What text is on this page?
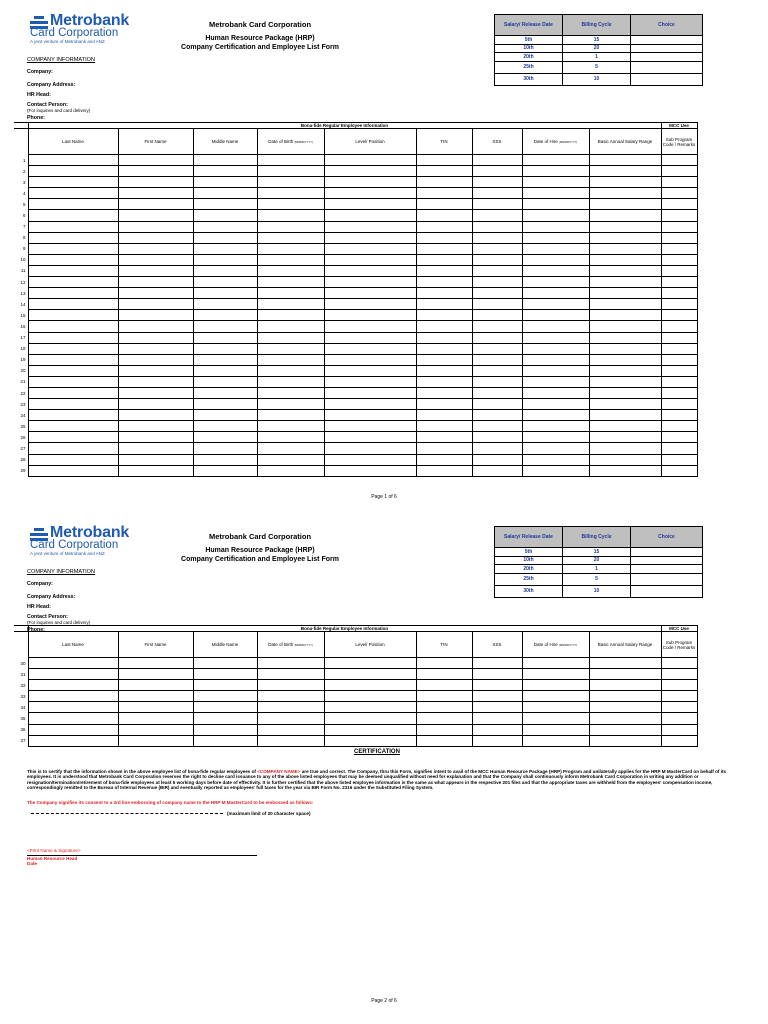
Metrobank
Card Corporation
A joint venture of Metrobank and ANZ
Metrobank Card Corporation
Human Resource Package (HRP)
Company Certification and Employee List Form
Salary/ Release Date	Billing Cycle	Choice
5th	15	
10th	20	
20th	1	
25th	5	
30th	10	
COMPANY INFORMATION
Company:
Company Address:
HR Head:
Contact Person:
(For inquiries and card delivery)
Phone:
	Bona-fide Regular Employee Information									MCC Use
	Last Name	First Name	Middle Name	Date of Birth (MM/DD/YYYY)	Level/ Position	TIN	SSS	Date of Hire (MM/DD/YYYY)	Basic Annual Salary Range	Sub Program Code / Remarks
1										
2										
3										
4										
5										
6										
7										
8										
9										
10										
11										
12										
13										
14										
15										
16										
17										
18										
19										
20										
21										
22										
23										
24										
25										
26										
27										
28										
29										
Page 1 of 6
Metrobank
Card Corporation
A joint venture of Metrobank and ANZ
Metrobank Card Corporation
Human Resource Package (HRP)
Company Certification and Employee List Form
Salary/ Release Date	Billing Cycle	Choice
5th	15	
10th	20	
20th	1	
25th	5	
30th	10	
COMPANY INFORMATION
Company:
Company Address:
HR Head:
Contact Person:
(For inquiries and card delivery)
Phone:
		Bona-fide Regular Employee Information									MCC Use
	Last Name	First Name	Middle Name	Date of Birth (MM/DD/YYYY)	Level/ Position	TIN	SSS	Date of Hire (MM/DD/YYYY)	Basic Annual Salary Range	Sub Program Code / Remarks
30										
31										
32										
33										
34										
35										
36										
37										
CERTIFICATION
This is to certify that the information shown in the above employee list of bona-fide regular employees of <COMPANY NAME> are true and correct. The Company, thru this Form, signifies intent to avail of the MCC Human Resource Package (HRP) Program and unilaterally applies for the HRP M MasterCard on behalf of its employees. It is understood that Metrobank Card Corporation reserves the right to decline card issuance to any of the above listed employees that may be deemed unqualified without need for explanation and that the Company shall continuously inform Metrobank Card Corporation in writing any addition or resignation/termination/retirement of bona-fide employees at least 5 working days before date of effectivity. It is further certified that the above listed employee information is the same as what appears in the respective 201 files and that the appropriate taxes are withheld from the employees' compensation income, correspondingly remitted to the Bureau of Internal Revenue (BIR) and eventually reported as employees' full taxes for the year via BIR Form No. 2316 under the Substituted Filing System.
The Company signifies its consent to a 3rd line embossing of company name to the HRP M MasterCard to be embossed as follows:
(maximum limit of 20 character space)
<Print Name & Signature>
Human Resource Head
Date
Page 2 of 6
